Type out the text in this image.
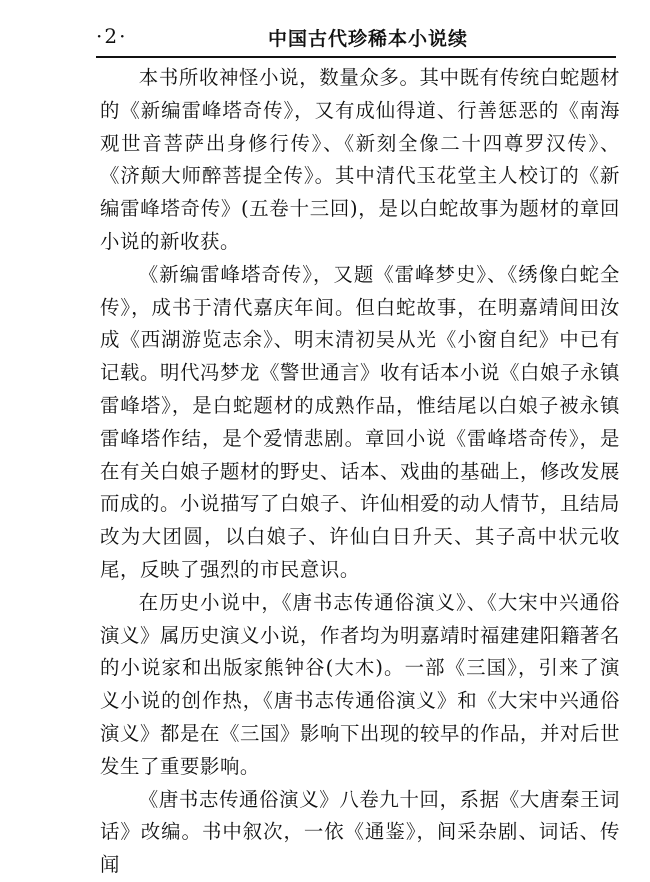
·2·	中国古代珍稀本小说续

本书所收神怪小说，数量众多。其中既有传统白蛇题材的《新编雷峰塔奇传》，又有成仙得道、行善惩恶的《南海观世音菩萨出身修行传》、《新刻全像二十四尊罗汉传》、《济颠大师醉菩提全传》。其中清代玉花堂主人校订的《新编雷峰塔奇传》(五卷十三回)，是以白蛇故事为题材的章回小说的新收获。

《新编雷峰塔奇传》，又题《雷峰梦史》、《绣像白蛇全传》，成书于清代嘉庆年间。但白蛇故事，在明嘉靖间田汝成《西湖游览志余》、明末清初吴从光《小窗自纪》中已有记载。明代冯梦龙《警世通言》收有话本小说《白娘子永镇雷峰塔》，是白蛇题材的成熟作品，惟结尾以白娘子被永镇雷峰塔作结，是个爱情悲剧。章回小说《雷峰塔奇传》，是在有关白娘子题材的野史、话本、戏曲的基础上，修改发展而成的。小说描写了白娘子、许仙相爱的动人情节，且结局改为大团圆，以白娘子、许仙白日升天、其子高中状元收尾，反映了强烈的市民意识。

在历史小说中，《唐书志传通俗演义》、《大宋中兴通俗演义》属历史演义小说，作者均为明嘉靖时福建建阳籍著名的小说家和出版家熊钟谷(大木)。一部《三国》，引来了演义小说的创作热，《唐书志传通俗演义》和《大宋中兴通俗演义》都是在《三国》影响下出现的较早的作品，并对后世发生了重要影响。

《唐书志传通俗演义》八卷九十回，系据《大唐秦王词话》改编。书中叙次，一依《通鉴》，间采杂剧、词话、传闻
